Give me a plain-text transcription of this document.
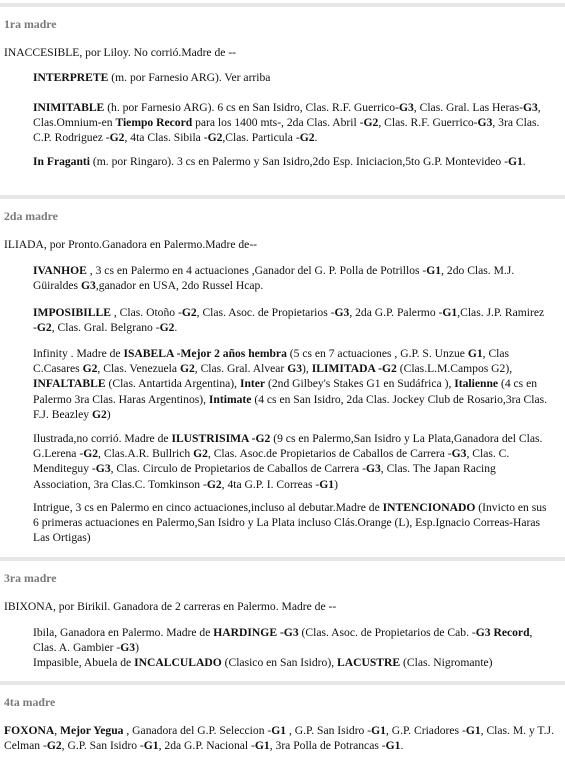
1ra madre
INACCESIBLE, por Liloy. No corrió.Madre de --
INTERPRETE (m. por Farnesio ARG). Ver arriba
INIMITABLE (h. por Farnesio ARG). 6 cs en San Isidro, Clas. R.F. Guerrico-G3, Clas. Gral. Las Heras-G3, Clas.Omnium-en Tiempo Record para los 1400 mts-, 2da Clas. Abril -G2, Clas. R.F. Guerrico-G3, 3ra Clas. C.P. Rodriguez -G2, 4ta Clas. Sibila -G2,Clas. Particula -G2.
In Fraganti (m. por Ringaro). 3 cs en Palermo y San Isidro,2do Esp. Iniciacion,5to G.P. Montevideo -G1.
2da madre
ILIADA, por Pronto.Ganadora en Palermo.Madre de--
IVANHOE , 3 cs en Palermo en 4 actuaciones ,Ganador del G. P. Polla de Potrillos -G1, 2do Clas. M.J. Güiraldes G3,ganador en USA, 2do Russel Hcap.
IMPOSIBILLE , Clas. Otoño -G2, Clas. Asoc. de Propietarios -G3, 2da G.P. Palermo -G1,Clas. J.P. Ramirez -G2, Clas. Gral. Belgrano -G2.
Infinity . Madre de ISABELA -Mejor 2 años hembra (5 cs en 7 actuaciones , G.P. S. Unzue G1, Clas C.Casares G2, Clas. Venezuela G2, Clas. Gral. Alvear G3), ILIMITADA -G2 (Clas.L.M.Campos G2), INFALTABLE (Clas. Antartida Argentina), Inter (2nd Gilbey's Stakes G1 en Sudáfrica ), Italienne (4 cs en Palermo 3ra Clas. Haras Argentinos), Intimate (4 cs en San Isidro, 2da Clas. Jockey Club de Rosario,3ra Clas. F.J. Beazley G2)
Ilustrada,no corrió. Madre de ILUSTRISIMA -G2 (9 cs en Palermo,San Isidro y La Plata,Ganadora del Clas. G.Lerena -G2, Clas.A.R. Bullrich G2, Clas. Asoc.de Propietarios de Caballos de Carrera -G3, Clas. C. Menditeguy -G3, Clas. Circulo de Propietarios de Caballos de Carrera -G3, Clas. The Japan Racing Association, 3ra Clas.C. Tomkinson -G2, 4ta G.P. I. Correas -G1)
Intrigue, 3 cs en Palermo en cinco actuaciones,incluso al debutar.Madre de INTENCIONADO (Invicto en sus 6 primeras actuaciones en Palermo,San Isidro y La Plata incluso Clás.Orange (L), Esp.Ignacio Correas-Haras Las Ortigas)
3ra madre
IBIXONA, por Birikil. Ganadora de 2 carreras en Palermo. Madre de --
Ibila, Ganadora en Palermo. Madre de HARDINGE -G3 (Clas. Asoc. de Propietarios de Cab. -G3 Record, Clas. A. Gambier -G3)
Impasible, Abuela de INCALCULADO (Clasico en San Isidro), LACUSTRE (Clas. Nigromante)
4ta madre
FOXONA, Mejor Yegua , Ganadora del G.P. Seleccion -G1 , G.P. San Isidro -G1, G.P. Criadores -G1, Clas. M. y T.J. Celman -G2, G.P. San Isidro -G1, 2da G.P. Nacional -G1, 3ra Polla de Potrancas -G1.
